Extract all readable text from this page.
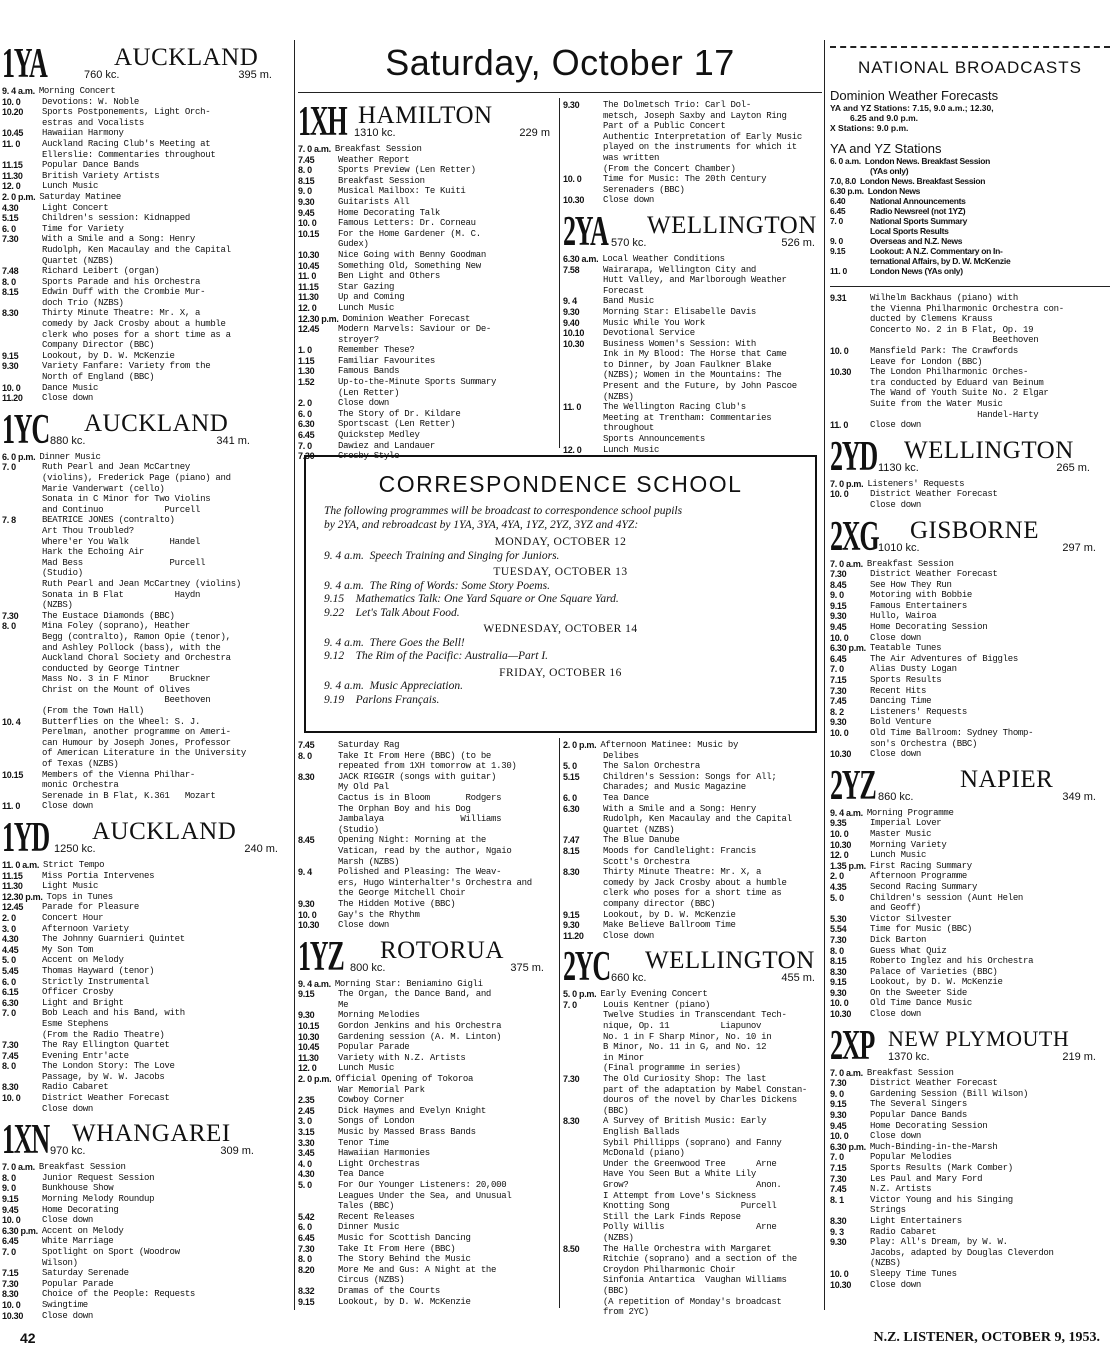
1YA	AUCKLAND
760 kc.	395 m.
9. 4 a.m. Morning Concert
10. 0	Devotions: W. Noble
10.20	Sports Postponements, Light Orch-
estras and Vocalists
10.45	Hawaiian Harmony
11. 0	Auckland Racing Club's Meeting at
Ellerslie: Commentaries throughout
11.15	Popular Dance Bands
11.30	British Variety Artists
12. 0	Lunch Music
2. 0 p.m. Saturday Matinee
4.30	Light Concert
5.15	Children's session: Kidnapped
6. 0	Time for Variety
7.30	With a Smile and a Song: Henry
Rudolph, Ken Macaulay and the Capital
Quartet (NZBS)
7.48	Richard Leibert (organ)
8. 0	Sports Parade and his Orchestra
8.15	Edwin Duff with the Crombie Mur-
doch Trio (NZBS)
8.30	Thirty Minute Theatre: Mr. X, a
comedy by Jack Crosby about a humble
clerk who poses for a short time as a
Company Director (BBC)
9.15	Lookout, by D. W. McKenzie
9.30	Variety Fanfare: Variety from the
North of England (BBC)
10. 0	Dance Music
11.20	Close down
1YC AUCKLAND
880 kc.	341 m.
6. 0 p.m. Dinner Music
7. 0	Ruth Pearl and Jean McCartney
(violins), Frederick Page (piano) and
Marie Vanderwart (cello)
Sonata in C Minor for Two Violins
and Continuo            Purcell
7. 8	BEATRICE JONES (contralto)
Art Thou Troubled?
Where'er You Walk        Handel
Hark the Echoing Air
Mad Bess                 Purcell
(Studio)
Ruth Pearl and Jean McCartney (violins)
Sonata in B Flat          Haydn
(NZBS)
7.30	The Eustace Diamonds (BBC)
8. 0	Mina Foley (soprano), Heather
Begg (contralto), Ramon Opie (tenor),
and Ashley Pollock (bass), with the
Auckland Choral Society and Orchestra
conducted by George Tintner
Mass No. 3 in F Minor    Bruckner
Christ on the Mount of Olives
Beethoven
(From the Town Hall)
10. 4	Butterflies on the Wheel: S. J.
Perelman, another programme on Ameri-
can Humour by Joseph Jones, Professor
of American Literature in the University
of Texas (NZBS)
10.15	Members of the Vienna Philhar-
monic Orchestra
Serenade in B Flat, K.361   Mozart
11. 0	Close down
1YD AUCKLAND
1250 kc.	240 m.
11. 0 a.m. Strict Tempo
11.15	Miss Portia Intervenes
11.30	Light Music
12.30 p.m. Tops in Tunes
12.45	Parade for Pleasure
2. 0	Concert Hour
3. 0	Afternoon Variety
4.30	The Johnny Guarnieri Quintet
4.45	My Son Tom
5. 0	Accent on Melody
5.45	Thomas Hayward (tenor)
6. 0	Strictly Instrumental
6.15	Officer Crosby
6.30	Light and Bright
7. 0	Bob Leach and his Band, with
Esme Stephens
(From the Radio Theatre)
7.30	The Ray Ellington Quartet
7.45	Evening Entr'acte
8. 0	The London Story: The Love
Passage, by W. W. Jacobs
8.30	Radio Cabaret
10. 0	District Weather Forecast
Close down
1XN WHANGAREI
970 kc.	309 m.
7. 0 a.m. Breakfast Session
8. 0	Junior Request Session
9. 0	Bunkhouse Show
9.15	Morning Melody Roundup
9.45	Home Decorating
10. 0	Close down
6.30 p.m. Accent on Melody
6.45	White Marriage
7. 0	Spotlight on Sport (Woodrow
Wilson)
7.15	Saturday Serenade
7.30	Popular Parade
8.30	Choice of the People: Requests
10. 0	Swingtime
10.30	Close down
Saturday, October 17
1XH HAMILTON
1310 kc.	229 m
7. 0 a.m. Breakfast Session
7.45	Weather Report
8. 0	Sports Preview (Len Retter)
8.15	Breakfast Session
9. 0	Musical Mailbox: Te Kuiti
9.30	Guitarists All
9.45	Home Decorating Talk
10. 0	Famous Letters: Dr. Corneau
10.15	For the Home Gardener (M. C.
Gudex)
10.30	Nice Going with Benny Goodman
10.45	Something Old, Something New
11. 0	Ben Light and Others
11.15	Star Gazing
11.30	Up and Coming
12. 0	Lunch Music
12.30 p.m. Dominion Weather Forecast
12.45	Modern Marvels: Saviour or De-
stroyer?
1. 0	Remember These?
1.15	Familiar Favourites
1.30	Famous Bands
1.52	Up-to-the-Minute Sports Summary
(Len Retter)
2. 0	Close down
6. 0	The Story of Dr. Kildare
6.30	Sportscast (Len Retter)
6.45	Quickstep Medley
7. 0	Dawiez and Landauer
7.30	Crosby Style
9.30	The Dolmetsch Trio: Carl Dol-
metsch, Joseph Saxby and Layton Ring
Part of a Public Concert
Authentic Interpretation of Early Music
played on the instruments for which it
was written
(From the Concert Chamber)
10. 0	Time for Music: The 20th Century
Serenaders (BBC)
10.30	Close down
2YA WELLINGTON
570 kc.	526 m.
6.30 a.m. Local Weather Conditions
7.58	Wairarapa, Wellington City and
Hutt Valley, and Marlborough Weather
Forecast
9. 4	Band Music
9.30	Morning Star: Elisabelle Davis
9.40	Music While You Work
10.10	Devotional Service
10.30	Business Women's Session: With
Ink in My Blood: The Horse that Came
to Dinner, by Joan Faulkner Blake
(NZBS); Women in the Mountains: The
Present and the Future, by John Pascoe
(NZBS)
11. 0	The Wellington Racing Club's
Meeting at Trentham: Commentaries
throughout
Sports Announcements
12. 0	Lunch Music
CORRESPONDENCE SCHOOL
The following programmes will be broadcast to correspondence school pupils
by 2YA, and rebroadcast by 1YA, 3YA, 4YA, 1YZ, 2YZ, 3YZ and 4YZ:
MONDAY, OCTOBER 12
9. 4 a.m.  Speech Training and Singing for Juniors.
TUESDAY, OCTOBER 13
9. 4 a.m.  The Ring of Words: Some Story Poems.
9.15    Mathematics Talk: One Yard Square or One Square Yard.
9.22    Let's Talk About Food.
WEDNESDAY, OCTOBER 14
9. 4 a.m.  There Goes the Bell!
9.12    The Rim of the Pacific: Australia—Part I.
FRIDAY, OCTOBER 16
9. 4 a.m.  Music Appreciation.
9.19    Parlons Français.
7.45	Saturday Rag
8. 0	Take It From Here (BBC) (to be
repeated from 1XH tomorrow at 1.30)
8.30	JACK RIGGIR (songs with guitar)
My Old Pal
Cactus is in Bloom       Rodgers
The Orphan Boy and his Dog
Jambalaya               Williams
(Studio)
8.45	Opening Night: Morning at the
Vatican, read by the author, Ngaio
Marsh (NZBS)
9. 4	Polished and Pleasing: The Weav-
ers, Hugo Winterhalter's Orchestra and
the George Mitchell Choir
9.30	The Hidden Motive (BBC)
10. 0	Gay's the Rhythm
10.30	Close down
1YZ ROTORUA
800 kc.	375 m.
9. 4 a.m. Morning Star: Beniamino Gigli
9.15	The Organ, the Dance Band, and
Me
9.30	Morning Melodies
10.15	Gordon Jenkins and his Orchestra
10.30	Gardening session (A. M. Linton)
10.45	Popular Parade
11.30	Variety with N.Z. Artists
12. 0	Lunch Music
2. 0 p.m. Official Opening of Tokoroa
War Memorial Park
2.35	Cowboy Corner
2.45	Dick Haymes and Evelyn Knight
3. 0	Songs of London
3.15	Music by Massed Brass Bands
3.30	Tenor Time
3.45	Hawaiian Harmonies
4. 0	Light Orchestras
4.30	Tea Dance
5. 0	For Our Younger Listeners: 20,000
Leagues Under the Sea, and Unusual
Tales (BBC)
5.42	Recent Releases
6. 0	Dinner Music
6.45	Music for Scottish Dancing
7.30	Take It From Here (BBC)
8. 0	The Story Behind the Music
8.20	More Me and Gus: A Night at the
Circus (NZBS)
8.32	Dramas of the Courts
9.15	Lookout, by D. W. McKenzie
2. 0 p.m. Afternoon Matinee: Music by
Delibes
5. 0	The Salon Orchestra
5.15	Children's Session: Songs for All;
Charades; and Music Magazine
6. 0	Tea Dance
6.30	With a Smile and a Song: Henry
Rudolph, Ken Macaulay and the Capital
Quartet (NZBS)
7.47	The Blue Danube
8.15	Moods for Candlelight: Francis
Scott's Orchestra
8.30	Thirty Minute Theatre: Mr. X, a
comedy by Jack Crosby about a humble
clerk who poses for a short time as
company director (BBC)
9.15	Lookout, by D. W. McKenzie
9.30	Make Believe Ballroom Time
11.20	Close down
2YC WELLINGTON
660 kc.	455 m.
5. 0 p.m. Early Evening Concert
7. 0	Louis Kentner (piano)
Twelve Studies in Transcendant Tech-
nique, Op. 11          Liapunov
No. 1 in F Sharp Minor, No. 10 in
B Minor, No. 11 in G, and No. 12
in Minor
(Final programme in series)
7.30	The Old Curiosity Shop: The last
part of the adaptation by Mabel Constan-
douros of the novel by Charles Dickens
(BBC)
8.30	A Survey of British Music: Early
English Ballads
Sybil Phillipps (soprano) and Fanny
McDonald (piano)
Under the Greenwood Tree      Arne
Have You Seen But a White Lily
Grow?                         Anon.
I Attempt from Love's Sickness
Knotting Song              Purcell
Still the Lark Finds Repose
Polly Willis                  Arne
(NZBS)
8.50	The Halle Orchestra with Margaret
Ritchie (soprano) and a section of the
Croydon Philharmonic Choir
Sinfonia Antartica  Vaughan Williams
(BBC)
(A repetition of Monday's broadcast
from 2YC)
NATIONAL BROADCASTS
Dominion Weather Forecasts
YA and YZ Stations: 7.15, 9.0 a.m.; 12.30,
6.25 and 9.0 p.m.
X Stations: 9.0 p.m.
YA and YZ Stations
6. 0 a.m. London News. Breakfast Session
(YAs only)
7.0, 8.0 London News. Breakfast Session
6.30 p.m. London News
6.40	National Announcements
6.45	Radio Newsreel (not 1YZ)
7. 0	National Sports Summary
Local Sports Results
9. 0	Overseas and N.Z. News
9.15	Lookout: A N.Z. Commentary on In-
ternational Affairs, by D. W. McKenzie
11. 0	London News (YAs only)
9.31	Wilhelm Backhaus (piano) with
the Vienna Philharmonic Orchestra con-
ducted by Clemens Krauss
Concerto No. 2 in B Flat, Op. 19
Beethoven
10. 0	Mansfield Park: The Crawfords
Leave for London (BBC)
10.30	The London Philharmonic Orches-
tra conducted by Eduard van Beinum
The Wand of Youth Suite No. 2 Elgar
Suite from the Water Music
Handel-Harty
11. 0	Close down
2YD WELLINGTON
1130 kc.	265 m.
7. 0 p.m. Listeners' Requests
10. 0	District Weather Forecast
Close down
2XG GISBORNE
1010 kc.	297 m.
7. 0 a.m. Breakfast Session
7.30	District Weather Forecast
8.45	See How They Run
9. 0	Motoring with Bobbie
9.15	Famous Entertainers
9.30	Hullo, Wairoa
9.45	Home Decorating Session
10. 0	Close down
6.30 p.m. Teatable Tunes
6.45	The Air Adventures of Biggles
7. 0	Alias Dusty Logan
7.15	Sports Results
7.30	Recent Hits
7.45	Dancing Time
8. 2	Listeners' Requests
9.30	Bold Venture
10. 0	Old Time Ballroom: Sydney Thomp-
son's Orchestra (BBC)
10.30	Close down
2YZ	NAPIER
860 kc.	349 m.
9. 4 a.m. Morning Programme
9.35	Imperial Lover
10. 0	Master Music
10.30	Morning Variety
12. 0	Lunch Music
1.35 p.m. First Racing Summary
2. 0	Afternoon Programme
4.35	Second Racing Summary
5. 0	Children's session (Aunt Helen
and Geoff)
5.30	Victor Silvester
5.54	Time for Music (BBC)
7.30	Dick Barton
8. 0	Guess What Quiz
8.15	Roberto Inglez and his Orchestra
8.30	Palace of Varieties (BBC)
9.15	Lookout, by D. W. McKenzie
9.30	On the Sweeter Side
10. 0	Old Time Dance Music
10.30	Close down
2XP NEW PLYMOUTH
1370 kc.	219 m.
7. 0 a.m. Breakfast Session
7.30	District Weather Forecast
9. 0	Gardening Session (Bill Wilson)
9.15	The Several Singers
9.30	Popular Dance Bands
9.45	Home Decorating Session
10. 0	Close down
6.30 p.m. Much-Binding-in-the-Marsh
7. 0	Popular Melodies
7.15	Sports Results (Mark Comber)
7.30	Les Paul and Mary Ford
7.45	N.Z. Artists
8. 1	Victor Young and his Singing
Strings
8.30	Light Entertainers
9. 3	Radio Cabaret
9.30	Play: All's Dream, by W. W.
Jacobs, adapted by Douglas Cleverdon
(NZBS)
10. 0	Sleepy Time Tunes
10.30	Close down
42	N.Z. LISTENER, OCTOBER 9, 1953.
